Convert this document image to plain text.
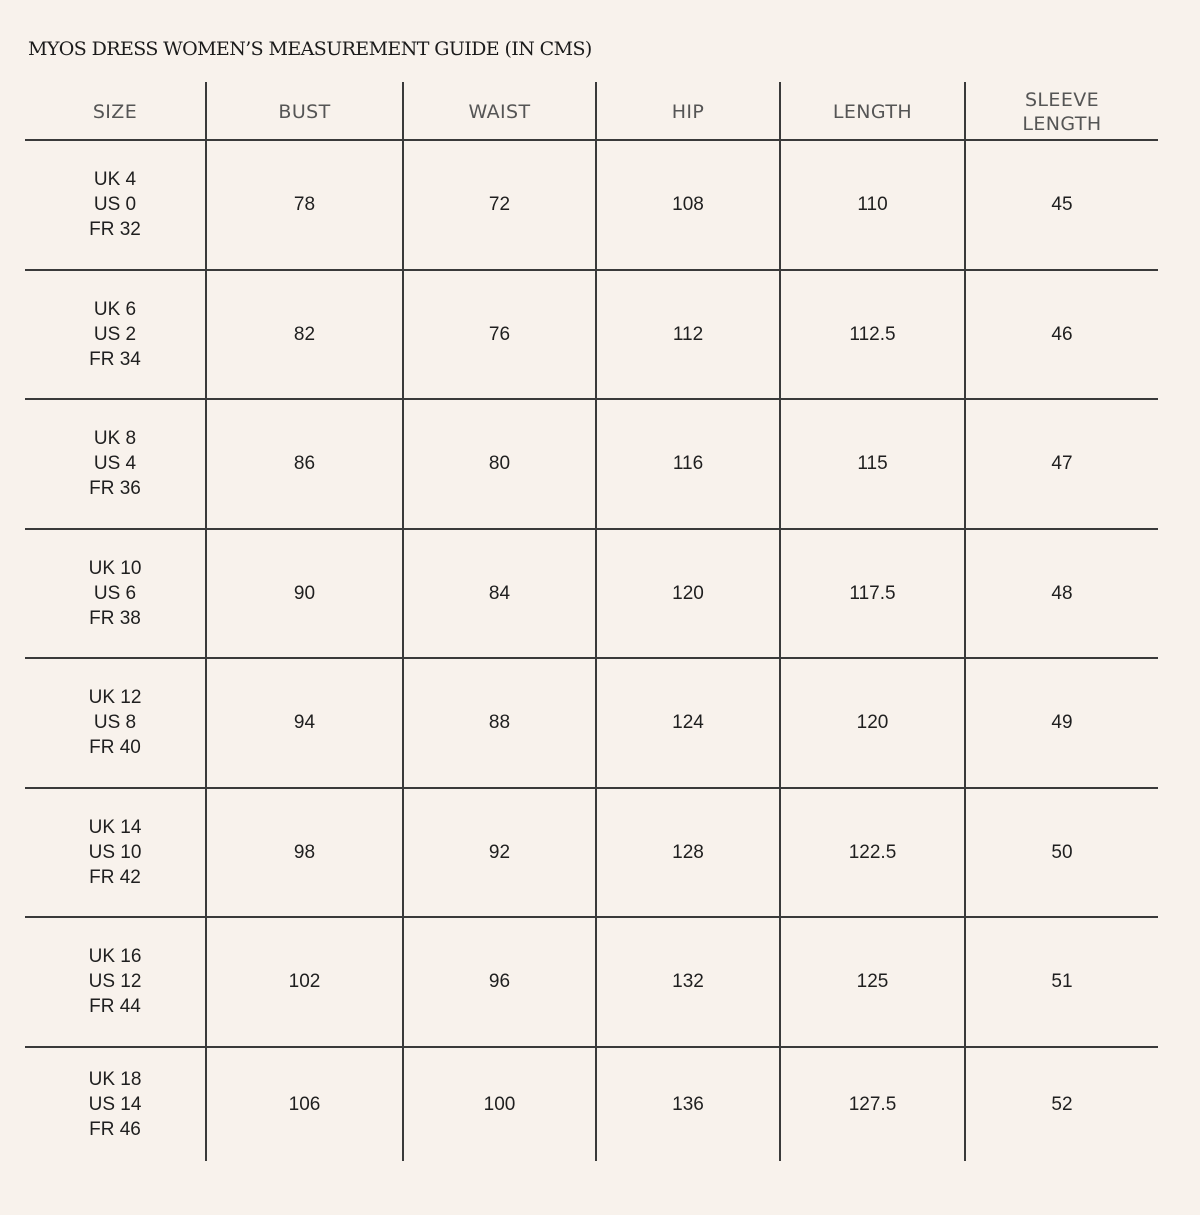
MYOS DRESS WOMEN’S MEASUREMENT GUIDE (IN CMS)
SIZE	BUST	WAIST	HIP	LENGTH	SLEEVE LENGTH

UK 4
US 0
FR 32	78	72	108	110	45

UK 6
US 2
FR 34	82	76	112	112.5	46

UK 8
US 4
FR 36	86	80	116	115	47

UK 10
US 6
FR 38	90	84	120	117.5	48

UK 12
US 8
FR 40	94	88	124	120	49

UK 14
US 10
FR 42	98	92	128	122.5	50

UK 16
US 12
FR 44	102	96	132	125	51

UK 18
US 14
FR 46	106	100	136	127.5	52
